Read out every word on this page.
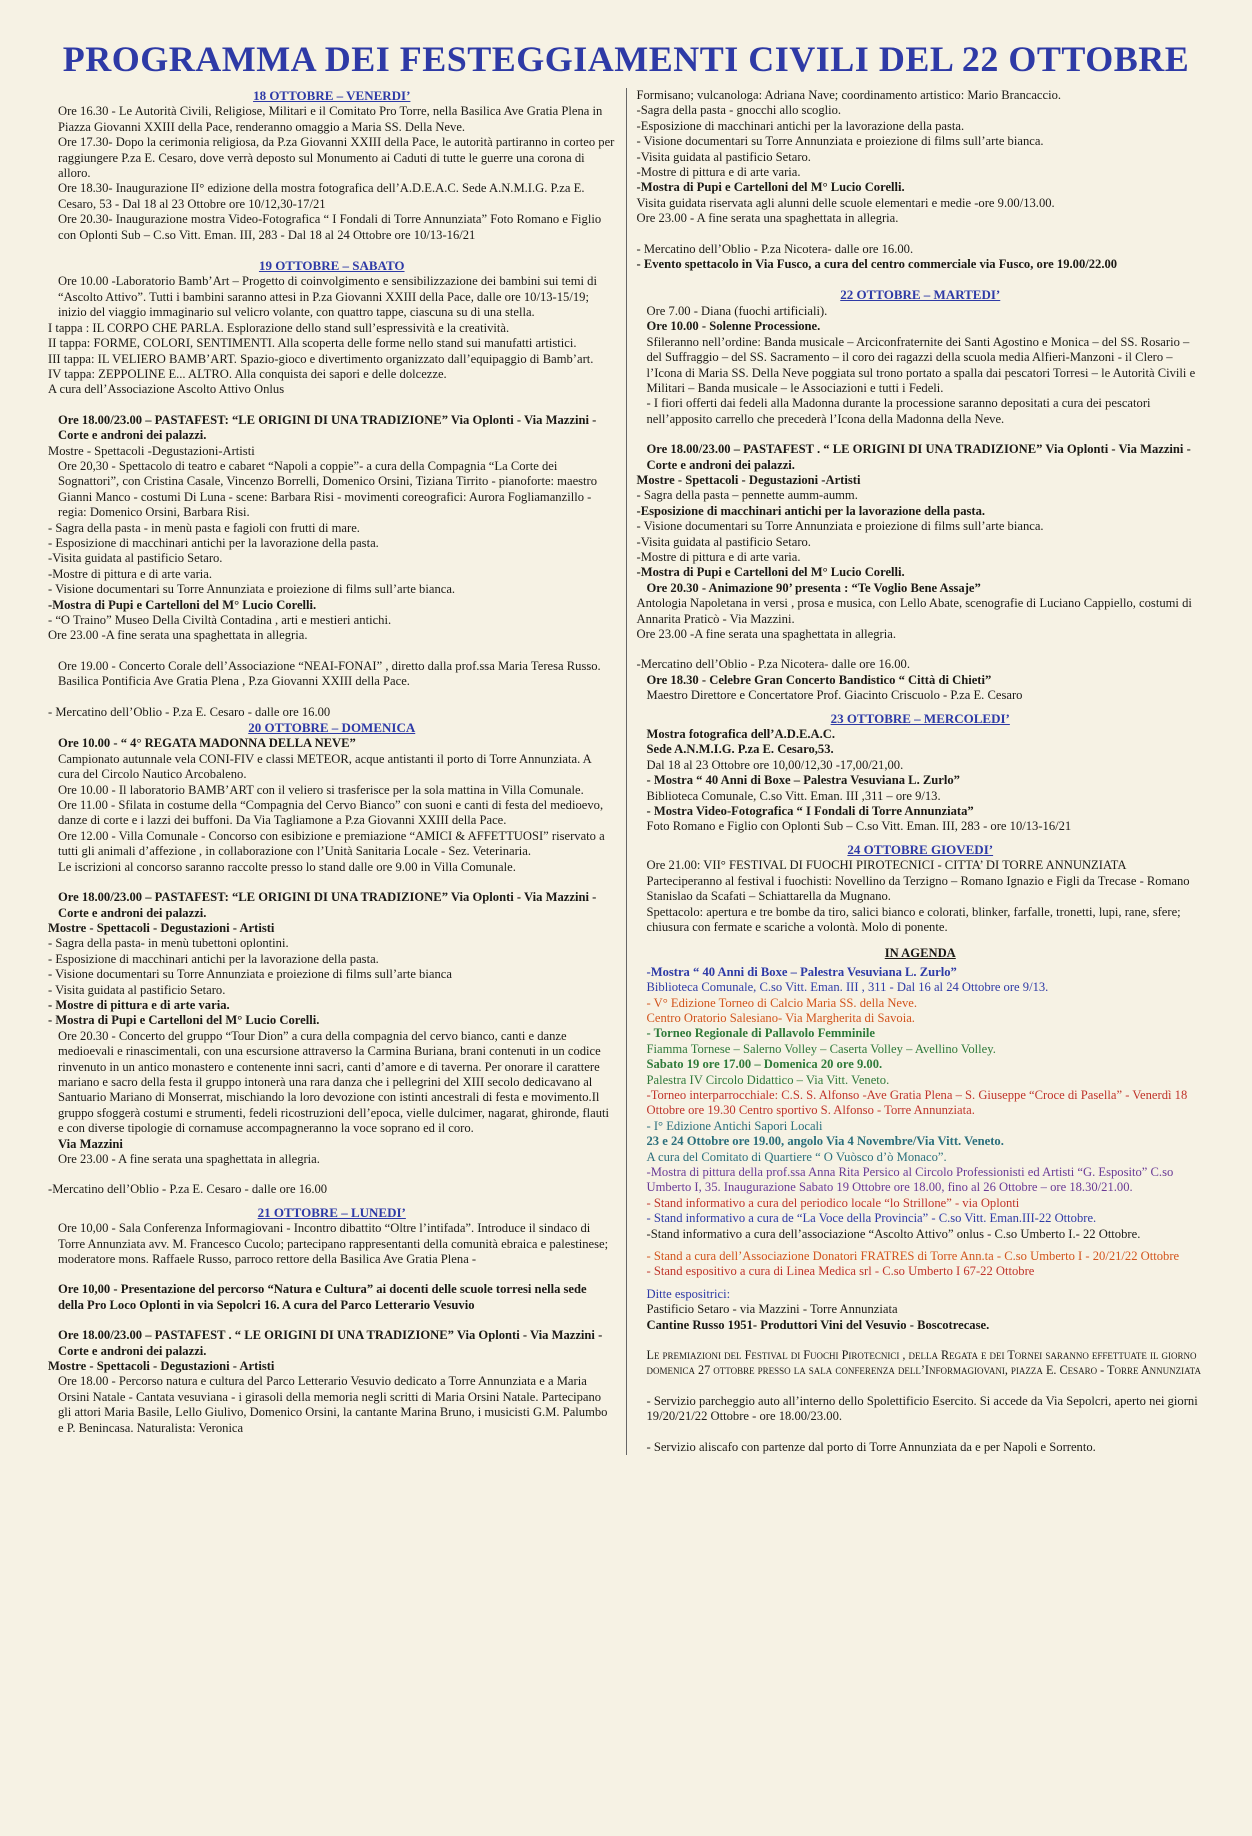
PROGRAMMA DEI FESTEGGIAMENTI CIVILI DEL 22 OTTOBRE
18 OTTOBRE – VENERDI’

Ore 16.30 - Le Autorità Civili, Religiose, Militari e il Comitato Pro Torre, nella Basilica Ave Gratia Plena in Piazza Giovanni XXIII della Pace, renderanno omaggio a Maria SS. Della Neve.

Ore 17.30- Dopo la cerimonia religiosa, da P.za Giovanni XXIII della Pace, le autorità partiranno in corteo per raggiungere P.za E. Cesaro, dove verrà deposto sul Monumento ai Caduti di tutte le guerre una corona di alloro.

Ore 18.30- Inaugurazione II° edizione della mostra fotografica dell’A.D.E.A.C. Sede A.N.M.I.G. P.za E. Cesaro, 53 - Dal 18 al 23 Ottobre ore 10/12,30-17/21

Ore 20.30- Inaugurazione mostra Video-Fotografica “ I Fondali di Torre Annunziata” Foto Romano e Figlio con Oplonti Sub – C.so Vitt. Eman. III, 283 - Dal 18 al 24 Ottobre ore 10/13-16/21

19 OTTOBRE – SABATO

Ore 10.00 -Laboratorio Bamb’Art – Progetto di coinvolgimento e sensibilizzazione dei bambini sui temi di “Ascolto Attivo”. Tutti i bambini saranno attesi in P.za Giovanni XXIII della Pace, dalle ore 10/13-15/19; inizio del viaggio immaginario sul velicro volante, con quattro tappe, ciascuna su di una stella.

I tappa : IL CORPO CHE PARLA. Esplorazione dello stand sull’espressività e la creatività.

II tappa: FORME, COLORI, SENTIMENTI. Alla scoperta delle forme nello stand sui manufatti artistici.

III tappa: IL VELIERO BAMB’ART. Spazio-gioco e divertimento organizzato dall’equipaggio di Bamb’art.

IV tappa: ZEPPOLINE E... ALTRO. Alla conquista dei sapori e delle dolcezze.

A cura dell’Associazione Ascolto Attivo Onlus

Ore 18.00/23.00 – PASTAFEST: “LE ORIGINI DI UNA TRADIZIONE” Via Oplonti - Via Mazzini - Corte e androni dei palazzi.

Mostre - Spettacoli -Degustazioni-Artisti

Ore 20,30 - Spettacolo di teatro e cabaret “Napoli a coppie”- a cura della Compagnia “La Corte dei Sognattori”, con Cristina Casale, Vincenzo Borrelli, Domenico Orsini, Tiziana Tirrito - pianoforte: maestro Gianni Manco - costumi Di Luna - scene: Barbara Risi - movimenti coreografici: Aurora Fogliamanzillo - regia: Domenico Orsini, Barbara Risi.

- Sagra della pasta - in menù pasta e fagioli con frutti di mare.

- Esposizione di macchinari antichi per la lavorazione della pasta.

-Visita guidata al pastificio Setaro.

-Mostre di pittura e di arte varia.

- Visione documentari su Torre Annunziata e proiezione di films sull’arte bianca.

-Mostra di Pupi e Cartelloni del M° Lucio Corelli.

- “O Traino” Museo Della Civiltà Contadina , arti e mestieri antichi.

Ore 23.00 -A fine serata una spaghettata in allegria.

Ore 19.00 - Concerto Corale dell’Associazione “NEAI-FONAI” , diretto dalla prof.ssa Maria Teresa Russo.

Basilica Pontificia Ave Gratia Plena , P.za Giovanni XXIII della Pace.

- Mercatino dell’Oblio - P.za E. Cesaro - dalle ore 16.00

20 OTTOBRE – DOMENICA

Ore 10.00 - “ 4° REGATA MADONNA DELLA NEVE”

Campionato autunnale vela CONI-FIV e classi METEOR, acque antistanti il porto di Torre Annunziata. A cura del Circolo Nautico Arcobaleno.

Ore 10.00 - Il laboratorio BAMB’ART con il veliero si trasferisce per la sola mattina in Villa Comunale.

Ore 11.00 - Sfilata in costume della “Compagnia del Cervo Bianco” con suoni e canti di festa del medioevo, danze di corte e i lazzi dei buffoni. Da Via Tagliamone a P.za Giovanni XXIII della Pace.

Ore 12.00 - Villa Comunale - Concorso con esibizione e premiazione “AMICI & AFFETTUOSI” riservato a tutti gli animali d’affezione , in collaborazione con l’Unità Sanitaria Locale - Sez. Veterinaria.

Le iscrizioni al concorso saranno raccolte presso lo stand dalle ore 9.00 in Villa Comunale.

Ore 18.00/23.00 – PASTAFEST: “LE ORIGINI DI UNA TRADIZIONE” Via Oplonti - Via Mazzini - Corte e androni dei palazzi.

Mostre - Spettacoli - Degustazioni - Artisti

- Sagra della pasta- in menù tubettoni oplontini.

- Esposizione di macchinari antichi per la lavorazione della pasta.

- Visione documentari su Torre Annunziata e proiezione di films sull’arte bianca

- Visita guidata al pastificio Setaro.

- Mostre di pittura e di arte varia.

- Mostra di Pupi e Cartelloni del M° Lucio Corelli.

Ore 20.30 - Concerto del gruppo “Tour Dion” a cura della compagnia del cervo bianco, canti e danze medioevali e rinascimentali, con una escursione attraverso la Carmina Buriana, brani contenuti in un codice rinvenuto in un antico monastero e contenente inni sacri, canti d’amore e di taverna. Per onorare il carattere mariano e sacro della festa il gruppo intonerà una rara danza che i pellegrini del XIII secolo dedicavano al Santuario Mariano di Monserrat, mischiando la loro devozione con istinti ancestrali di festa e movimento.Il gruppo sfoggerà costumi e strumenti, fedeli ricostruzioni dell’epoca, vielle dulcimer, nagarat, ghironde, flauti e con diverse tipologie di cornamuse accompagneranno la voce soprano ed il coro.

Via Mazzini

Ore 23.00 - A fine serata una spaghettata in allegria.

-Mercatino dell’Oblio - P.za E. Cesaro - dalle ore 16.00

21 OTTOBRE – LUNEDI’

Ore 10,00 - Sala Conferenza Informagiovani - Incontro dibattito “Oltre l’intifada”. Introduce il sindaco di Torre Annunziata avv. M. Francesco Cucolo; partecipano rappresentanti della comunità ebraica e palestinese; moderatore mons. Raffaele Russo, parroco rettore della Basilica Ave Gratia Plena -

Ore 10,00 - Presentazione del percorso “Natura e Cultura” ai docenti delle scuole torresi nella sede della Pro Loco Oplonti in via Sepolcri 16. A cura del Parco Letterario Vesuvio

Ore 18.00/23.00 – PASTAFEST . “ LE ORIGINI DI UNA TRADIZIONE” Via Oplonti - Via Mazzini - Corte e androni dei palazzi.

Mostre - Spettacoli - Degustazioni - Artisti

Ore 18.00 - Percorso natura e cultura del Parco Letterario Vesuvio dedicato a Torre Annunziata e a Maria Orsini Natale - Cantata vesuviana - i girasoli della memoria negli scritti di Maria Orsini Natale. Partecipano gli attori Maria Basile, Lello Giulivo, Domenico Orsini, la cantante Marina Bruno, i musicisti G.M. Palumbo e P. Benincasa. Naturalista: Veronica

Formisano; vulcanologa: Adriana Nave; coordinamento artistico: Mario Brancaccio.

-Sagra della pasta - gnocchi allo scoglio.

-Esposizione di macchinari antichi per la lavorazione della pasta.

- Visione documentari su Torre Annunziata e proiezione di films sull’arte bianca.

-Visita guidata al pastificio Setaro.

-Mostre di pittura e di arte varia.

-Mostra di Pupi e Cartelloni del M° Lucio Corelli.

Visita guidata riservata agli alunni delle scuole elementari e medie -ore 9.00/13.00.

Ore 23.00 - A fine serata una spaghettata in allegria.

- Mercatino dell’Oblio - P.za Nicotera- dalle ore 16.00.

- Evento spettacolo in Via Fusco, a cura del centro commerciale via Fusco, ore 19.00/22.00

22 OTTOBRE – MARTEDI’

Ore 7.00 - Diana (fuochi artificiali).

Ore 10.00 - Solenne Processione.

Sfileranno nell’ordine: Banda musicale – Arciconfraternite dei Santi Agostino e Monica – del SS. Rosario – del Suffraggio – del SS. Sacramento – il coro dei ragazzi della scuola media Alfieri-Manzoni - il Clero – l’Icona di Maria SS. Della Neve poggiata sul trono portato a spalla dai pescatori Torresi – le Autorità Civili e Militari – Banda musicale – le Associazioni e tutti i Fedeli.

- I fiori offerti dai fedeli alla Madonna durante la processione saranno depositati a cura dei pescatori nell’apposito carrello che precederà l’Icona della Madonna della Neve.

Ore 18.00/23.00 – PASTAFEST . “ LE ORIGINI DI UNA TRADIZIONE” Via Oplonti - Via Mazzini - Corte e androni dei palazzi.

Mostre - Spettacoli - Degustazioni -Artisti

- Sagra della pasta – pennette aumm-aumm.

-Esposizione di macchinari antichi per la lavorazione della pasta.

- Visione documentari su Torre Annunziata e proiezione di films sull’arte bianca.

-Visita guidata al pastificio Setaro.

-Mostre di pittura e di arte varia.

-Mostra di Pupi e Cartelloni del M° Lucio Corelli.

Ore 20.30 - Animazione 90’ presenta : “Te Voglio Bene Assaje”

Antologia Napoletana in versi , prosa e musica, con Lello Abate, scenografie di Luciano Cappiello, costumi di Annarita Praticò - Via Mazzini.

Ore 23.00 -A fine serata una spaghettata in allegria.

-Mercatino dell’Oblio - P.za Nicotera- dalle ore 16.00.

Ore 18.30 - Celebre Gran Concerto Bandistico “ Città di Chieti”

Maestro Direttore e Concertatore Prof. Giacinto Criscuolo - P.za E. Cesaro

23 OTTOBRE – MERCOLEDI’

Mostra fotografica dell’A.D.E.A.C.

Sede A.N.M.I.G. P.za E. Cesaro,53.

Dal 18 al 23 Ottobre ore 10,00/12,30 -17,00/21,00.

- Mostra “ 40 Anni di Boxe – Palestra Vesuviana L. Zurlo”

Biblioteca Comunale, C.so Vitt. Eman. III ,311 – ore 9/13.

- Mostra Video-Fotografica “ I Fondali di Torre Annunziata”

Foto Romano e Figlio con Oplonti Sub – C.so Vitt. Eman. III, 283 - ore 10/13-16/21

24 OTTOBRE GIOVEDI’

Ore 21.00: VII° FESTIVAL DI FUOCHI PIROTECNICI - CITTA’ DI TORRE ANNUNZIATA

Parteciperanno al festival i fuochisti: Novellino da Terzigno – Romano Ignazio e Figli da Trecase - Romano Stanislao da Scafati – Schiattarella da Mugnano.

Spettacolo: apertura e tre bombe da tiro, salici bianco e colorati, blinker, farfalle, tronetti, lupi, rane, sfere; chiusura con fermate e scariche a volontà. Molo di ponente.

IN AGENDA

-Mostra “ 40 Anni di Boxe – Palestra Vesuviana L. Zurlo”

Biblioteca Comunale, C.so Vitt. Eman. III , 311 - Dal 16 al 24 Ottobre ore 9/13.

- V° Edizione Torneo di Calcio Maria SS. della Neve.

Centro Oratorio Salesiano- Via Margherita di Savoia.

- Torneo Regionale di Pallavolo Femminile

Fiamma Tornese – Salerno Volley – Caserta Volley – Avellino Volley.

Sabato 19 ore 17.00 – Domenica 20 ore 9.00.

Palestra IV Circolo Didattico – Via Vitt. Veneto.

-Torneo interparrocchiale: C.S. S. Alfonso -Ave Gratia Plena – S. Giuseppe “Croce di Pasella” - Venerdì 18 Ottobre ore 19.30 Centro sportivo S. Alfonso - Torre Annunziata.

- I° Edizione Antichi Sapori Locali

23 e 24 Ottobre ore 19.00, angolo Via 4 Novembre/Via Vitt. Veneto.

A cura del Comitato di Quartiere “ O Vuòsco d’ò Monaco”.

-Mostra di pittura della prof.ssa Anna Rita Persico al Circolo Professionisti ed Artisti “G. Esposito” C.so Umberto I, 35. Inaugurazione Sabato 19 Ottobre ore 18.00, fino al 26 Ottobre – ore 18.30/21.00.

- Stand informativo a cura del periodico locale “lo Strillone” - via Oplonti

- Stand informativo a cura de “La Voce della Provincia” - C.so Vitt. Eman.III-22 Ottobre.

-Stand informativo a cura dell’associazione “Ascolto Attivo” onlus - C.so Umberto I.- 22 Ottobre.

- Stand a cura dell’Associazione Donatori FRATRES di Torre Ann.ta - C.so Umberto I - 20/21/22 Ottobre

- Stand espositivo a cura di Linea Medica srl - C.so Umberto I 67-22 Ottobre

Ditte espositrici:

Pastificio Setaro - via Mazzini - Torre Annunziata

Cantine Russo 1951- Produttori Vini del Vesuvio - Boscotrecase.

Le premiazioni del Festival di Fuochi Pirotecnici , della Regata e dei Tornei saranno effettuate il giorno domenica 27 ottobre presso la sala conferenza dell’Informagiovani, piazza E. Cesaro - Torre Annunziata

- Servizio parcheggio auto all’interno dello Spolettificio Esercito. Si accede da Via Sepolcri, aperto nei giorni 19/20/21/22 Ottobre - ore 18.00/23.00.

- Servizio aliscafo con partenze dal porto di Torre Annunziata da e per Napoli e Sorrento.
